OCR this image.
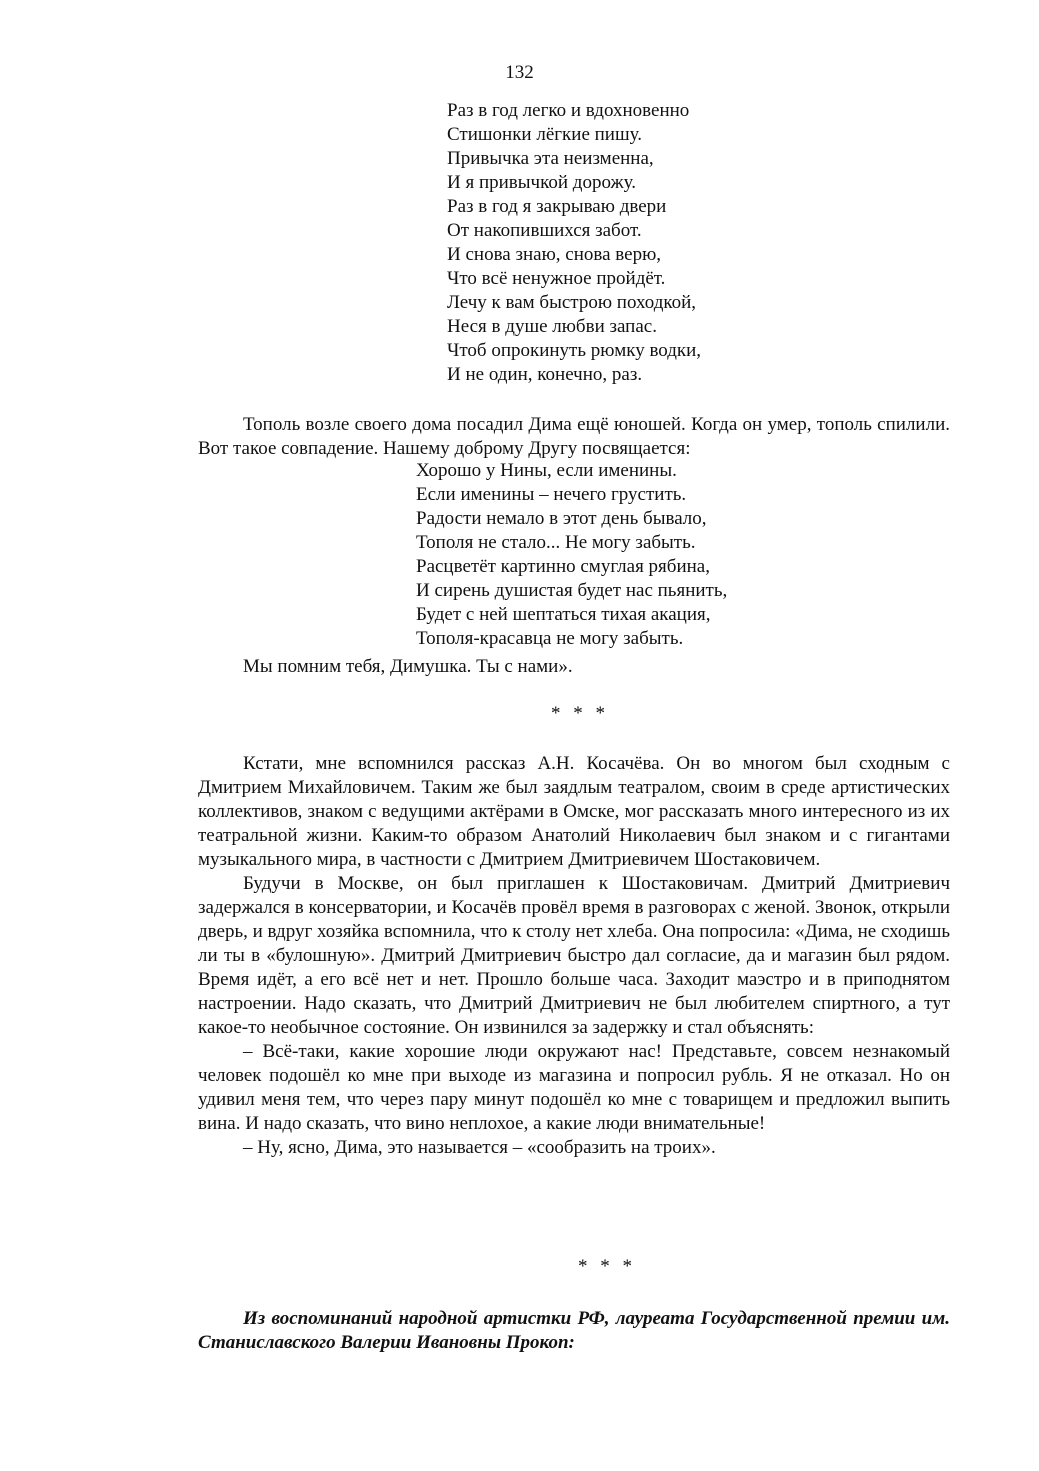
132
Раз в год легко и вдохновенно
Стишонки лёгкие пишу.
Привычка эта неизменна,
И я привычкой дорожу.
Раз в год я закрываю двери
От накопившихся забот.
И снова знаю, снова верю,
Что всё ненужное пройдёт.
Лечу к вам быстрою походкой,
Неся в душе любви запас.
Чтоб опрокинуть рюмку водки,
И не один, конечно, раз.

Тополь возле своего дома посадил Дима ещё юношей. Когда он умер, тополь спилили. Вот такое совпадение. Нашему доброму Другу посвящается:

Хорошо у Нины, если именины.
Если именины – нечего грустить.
Радости немало в этот день бывало,
Тополя не стало... Не могу забыть.
Расцветёт картинно смуглая рябина,
И сирень душистая будет нас пьянить,
Будет с ней шептаться тихая акация,
Тополя-красавца не могу забыть.

Мы помним тебя, Димушка. Ты с нами».

* * *

Кстати, мне вспомнился рассказ А.Н. Косачёва. Он во многом был сходным с Дмитрием Михайловичем. Таким же был заядлым театралом, своим в среде артистических коллективов, знаком с ведущими актёрами в Омске, мог рассказать много интересного из их театральной жизни. Каким-то образом Анатолий Николаевич был знаком и с гигантами музыкального мира, в частности с Дмитрием Дмитриевичем Шостаковичем.

Будучи в Москве, он был приглашен к Шостаковичам. Дмитрий Дмитриевич задержался в консерватории, и Косачёв провёл время в разговорах с женой. Звонок, открыли дверь, и вдруг хозяйка вспомнила, что к столу нет хлеба. Она попросила: «Дима, не сходишь ли ты в «булошную». Дмитрий Дмитриевич быстро дал согласие, да и магазин был рядом. Время идёт, а его всё нет и нет. Прошло больше часа. Заходит маэстро и в приподнятом настроении. Надо сказать, что Дмитрий Дмитриевич не был любителем спиртного, а тут какое-то необычное состояние. Он извинился за задержку и стал объяснять:

– Всё-таки, какие хорошие люди окружают нас! Представьте, совсем незнакомый человек подошёл ко мне при выходе из магазина и попросил рубль. Я не отказал. Но он удивил меня тем, что через пару минут подошёл ко мне с товарищем и предложил выпить вина. И надо сказать, что вино неплохое, а какие люди внимательные!

– Ну, ясно, Дима, это называется – «сообразить на троих».

* * *
Из воспоминаний народной артистки РФ, лауреата Государственной премии им. Станиславского Валерии Ивановны Прокоп:
